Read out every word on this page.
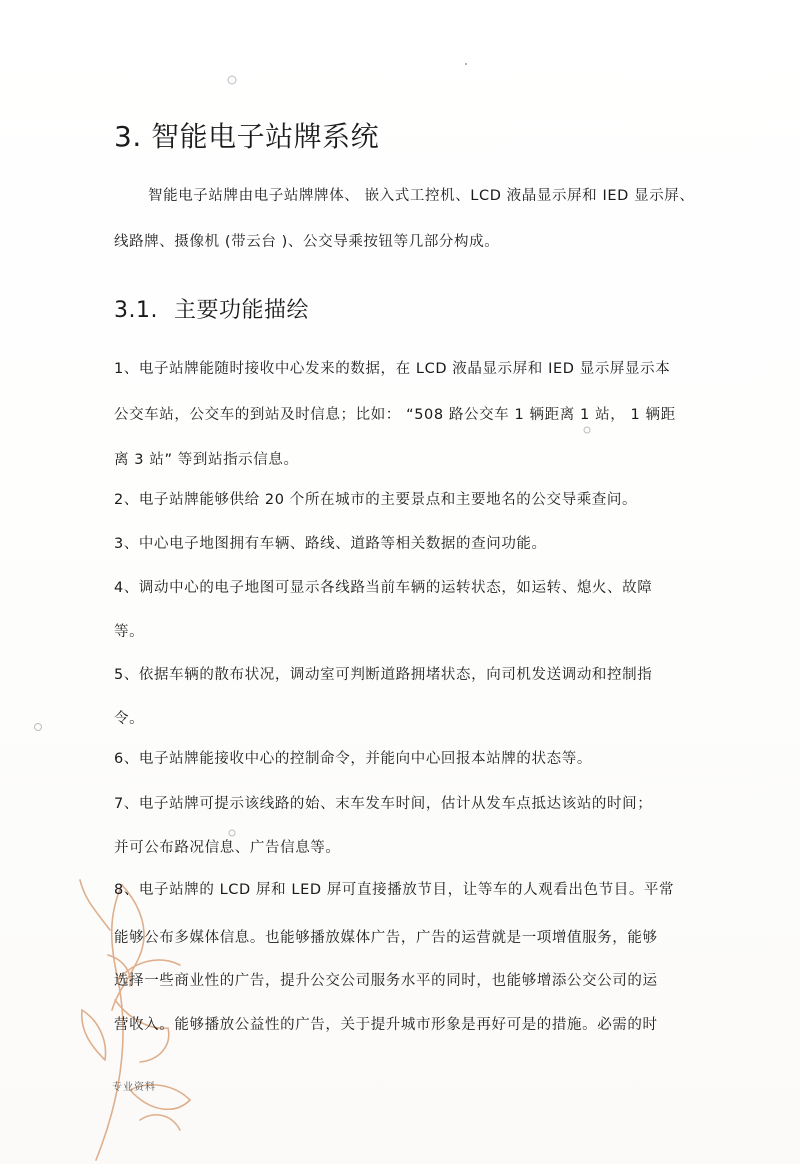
3. 智能电子站牌系统
智能电子站牌由电子站牌牌体、 嵌入式工控机、LCD 液晶显示屏和 IED 显示屏、
线路牌、摄像机 (带云台 )、公交导乘按钮等几部分构成。
3.1. 主要功能描绘
1、电子站牌能随时接收中心发来的数据，在 LCD 液晶显示屏和 IED 显示屏显示本
公交车站，公交车的到站及时信息；比如： “508 路公交车 1 辆距离 1 站， 1 辆距
离 3 站” 等到站指示信息。
2、电子站牌能够供给 20 个所在城市的主要景点和主要地名的公交导乘查问。
3、中心电子地图拥有车辆、路线、道路等相关数据的查问功能。
4、调动中心的电子地图可显示各线路当前车辆的运转状态，如运转、熄火、故障
等。
5、依据车辆的散布状况，调动室可判断道路拥堵状态，向司机发送调动和控制指
令。
6、电子站牌能接收中心的控制命令，并能向中心回报本站牌的状态等。
7、电子站牌可提示该线路的始、末车发车时间，估计从发车点抵达该站的时间；
并可公布路况信息、广告信息等。
8、电子站牌的 LCD 屏和 LED 屏可直接播放节目，让等车的人观看出色节目。平常
能够公布多媒体信息。也能够播放媒体广告，广告的运营就是一项增值服务，能够
选择一些商业性的广告，提升公交公司服务水平的同时，也能够增添公交公司的运
营收入。能够播放公益性的广告，关于提升城市形象是再好可是的措施。必需的时
专业资料
